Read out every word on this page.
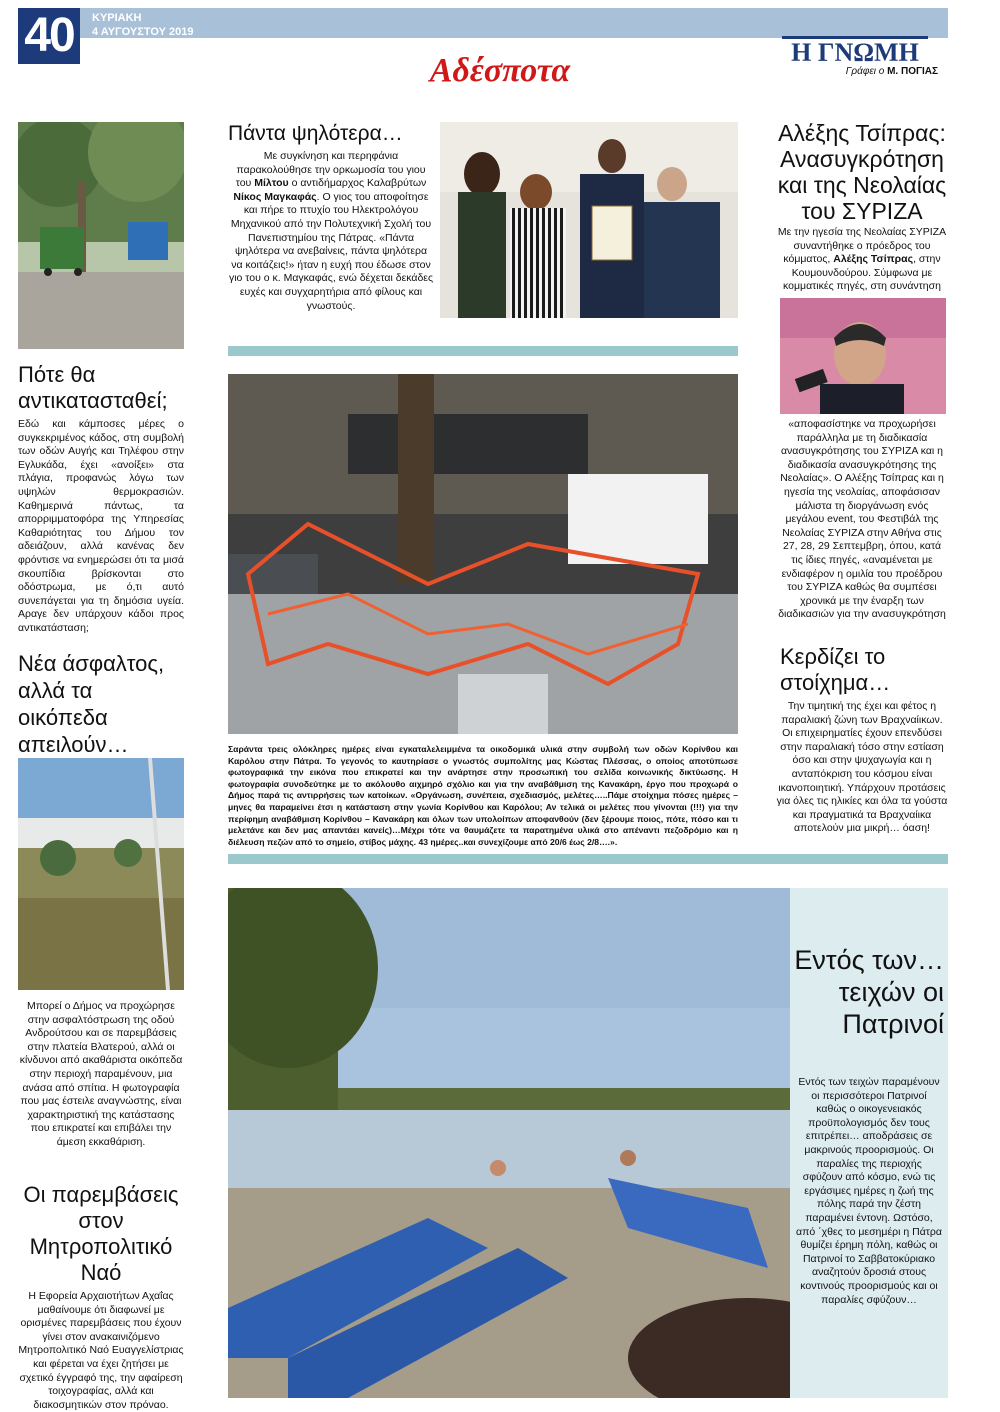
40	ΚΥΡΙΑΚΗ
4 ΑΥΓΟΥΣΤΟΥ 2019
Αδέσποτα	Η ΓΝΩΜΗ
Γράφει ο Μ. ΠΟΓΙΑΣ
Πότε θα αντικατασταθεί;

Εδώ και κάμποσες μέρες ο συγκεκριμένος κάδος, στη συμβολή των οδών Αυγής και Τηλέφου στην Εγλυκάδα, έχει «ανοίξει» στα πλάγια, προφανώς λόγω των υψηλών θερμοκρασιών. Καθημερινά πάντως, τα απορριμματοφόρα της Υπηρεσίας Καθαριότητας του Δήμου τον αδειάζουν, αλλά κανένας δεν φρόντισε να ενημερώσει ότι τα μισά σκουπίδια βρίσκονται στο οδόστρωμα, με ό,τι αυτό συνεπάγεται για τη δημόσια υγεία. Αραγε δεν υπάρχουν κάδοι προς αντικατάσταση;

Νέα άσφαλτος, αλλά τα οικόπεδα απειλούν…

Μπορεί ο Δήμος να προχώρησε στην ασφαλτόστρωση της οδού Ανδρούτσου και σε παρεμβάσεις στην πλατεία Βλατερού, αλλά οι κίνδυνοι από ακαθάριστα οικόπεδα στην περιοχή παραμένουν, μια ανάσα από σπίτια. Η φωτογραφία που μας έστειλε αναγνώστης, είναι χαρακτηριστική της κατάστασης που επικρατεί και επιβάλει την άμεση εκκαθάριση.

Οι παρεμβάσεις στον Μητροπολιτικό Ναό

Η Εφορεία Αρχαιοτήτων Αχαΐας μαθαίνουμε ότι διαφωνεί με ορισμένες παρεμβάσεις που έχουν γίνει στον ανακαινιζόμενο Μητροπολιτικό Ναό Ευαγγελίστριας και φέρεται να έχει ζητήσει με σχετικό έγγραφό της, την αφαίρεση τοιχογραφίας, αλλά και διακοσμητικών στον πρόναο.

Πάντα ψηλότερα…

Με συγκίνηση και περηφάνια παρακολούθησε την ορκωμοσία του γιου του Μίλτου ο αντιδήμαρχος Καλαβρύτων Νίκος Μαγκαφάς. Ο γιος του αποφοίτησε και πήρε το πτυχίο του Ηλεκτρολόγου Μηχανικού από την Πολυτεχνική Σχολή του Πανεπιστημίου της Πάτρας. «Πάντα ψηλότερα να ανεβαίνεις, πάντα ψηλότερα να κοιτάζεις!» ήταν η ευχή που έδωσε στον γιο του ο κ. Μαγκαφάς, ενώ δέχεται δεκάδες ευχές και συγχαρητήρια από φίλους και γνωστούς.

Σαράντα τρεις ολόκληρες ημέρες είναι εγκαταλελειμμένα τα οικοδομικά υλικά στην συμβολή των οδών Κορίνθου και Καρόλου στην Πάτρα. Το γεγονός το καυτηρίασε ο γνωστός συμπολίτης μας Κώστας Πλέσσας, ο οποίος αποτύπωσε φωτογραφικά την εικόνα που επικρατεί και την ανάρτησε στην προσωπική του σελίδα κοινωνικής δικτύωσης. Η φωτογραφία συνοδεύτηκε με το ακόλουθο αιχμηρό σχόλιο και για την αναβάθμιση της Κανακάρη, έργο που προχωρά ο Δήμος παρά τις αντιρρήσεις των κατοίκων. «Οργάνωση, συνέπεια, σχεδιασμός, μελέτες…..Πάμε στοίχημα πόσες ημέρες – μηνες θα παραμείνει έτσι η κατάσταση στην γωνία Κορίνθου και Καρόλου; Αν τελικά οι μελέτες που γίνονται (!!!) για την περίφημη αναβάθμιση Κορίνθου – Κανακάρη και όλων των υπολοίπων αποφανθούν (δεν ξέρουμε ποιος, πότε, πόσο και τι μελετάνε και δεν μας απαντάει κανείς)…Μέχρι τότε να θαυμάζετε τα παρατημένα υλικά στο απέναντι πεζοδρόμιο και η διέλευση πεζών από το σημείο, στίβος μάχης. 43 ημέρες..και συνεχίζουμε από 20/6 έως 2/8….».

Αλέξης Τσίπρας: Ανασυγκρότηση και της Νεολαίας του ΣΥΡΙΖΑ

Με την ηγεσία της Νεολαίας ΣΥΡΙΖΑ συναντήθηκε ο πρόεδρος του κόμματος, Αλέξης Τσίπρας, στην Κουμουνδούρου. Σύμφωνα με κομματικές πηγές, στη συνάντηση

«αποφασίστηκε να προχωρήσει παράλληλα με τη διαδικασία ανασυγκρότησης του ΣΥΡΙΖΑ και η διαδικασία ανασυγκρότησης της Νεολαίας». Ο Αλέξης Τσίπρας και η ηγεσία της νεολαίας, αποφάσισαν μάλιστα τη διοργάνωση ενός μεγάλου event, του Φεστιβάλ της Νεολαίας ΣΥΡΙΖΑ στην Αθήνα στις 27, 28, 29 Σεπτεμβρη, όπου, κατά τις ίδιες πηγές, «αναμένεται με ενδιαφέρον η ομιλία του προέδρου του ΣΥΡΙΖΑ καθώς θα συμπέσει χρονικά με την έναρξη των διαδικασιών για την ανασυγκρότηση

Κερδίζει το στοίχημα…

Την τιμητική της έχει και φέτος η παραλιακή ζώνη των Βραχναίικων. Οι επιχειρηματίες έχουν επενδύσει στην παραλιακή τόσο στην εστίαση όσο και στην ψυχαγωγία και η ανταπόκριση του κόσμου είναι ικανοποιητική. Υπάρχουν προτάσεις για όλες τις ηλικίες και όλα τα γούστα και πραγματικά τα Βραχναίικα αποτελούν μια μικρή… όαση!

Εντός των… τειχών οι Πατρινοί

Εντός των τειχών παραμένουν οι περισσότεροι Πατρινοί καθώς ο οικογενειακός προϋπολογισμός δεν τους επιτρέπει… αποδράσεις σε μακρινούς προορισμούς. Οι παραλίες της περιοχής σφύζουν από κόσμο, ενώ τις εργάσιμες ημέρες η ζωή της πόλης παρά την ζέστη παραμένει έντονη. Ωστόσο, από ΄χθες το μεσημέρι η Πάτρα θυμίζει έρημη πόλη, καθώς οι Πατρινοί το Σαββατοκύριακο αναζητούν δροσιά στους κοντινούς προορισμούς και οι παραλίες σφύζουν…
